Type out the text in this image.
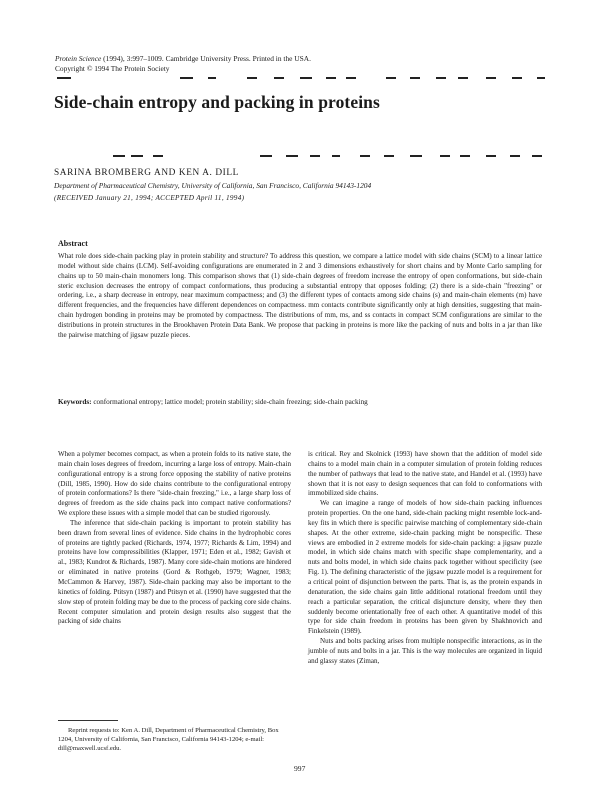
Protein Science (1994), 3:997–1009. Cambridge University Press. Printed in the USA.
Copyright © 1994 The Protein Society
Side-chain entropy and packing in proteins
SARINA BROMBERG AND KEN A. DILL
Department of Pharmaceutical Chemistry, University of California, San Francisco, California 94143-1204
(RECEIVED January 21, 1994; ACCEPTED April 11, 1994)
Abstract
What role does side-chain packing play in protein stability and structure? To address this question, we compare a lattice model with side chains (SCM) to a linear lattice model without side chains (LCM). Self-avoiding configurations are enumerated in 2 and 3 dimensions exhaustively for short chains and by Monte Carlo sampling for chains up to 50 main-chain monomers long. This comparison shows that (1) side-chain degrees of freedom increase the entropy of open conformations, but side-chain steric exclusion decreases the entropy of compact conformations, thus producing a substantial entropy that opposes folding; (2) there is a side-chain "freezing" or ordering, i.e., a sharp decrease in entropy, near maximum compactness; and (3) the different types of contacts among side chains (s) and main-chain elements (m) have different frequencies, and the frequencies have different dependences on compactness. mm contacts contribute significantly only at high densities, suggesting that main-chain hydrogen bonding in proteins may be promoted by compactness. The distributions of mm, ms, and ss contacts in compact SCM configurations are similar to the distributions in protein structures in the Brookhaven Protein Data Bank. We propose that packing in proteins is more like the packing of nuts and bolts in a jar than like the pairwise matching of jigsaw puzzle pieces.
Keywords: conformational entropy; lattice model; protein stability; side-chain freezing; side-chain packing

When a polymer becomes compact, as when a protein folds to its native state, the main chain loses degrees of freedom, incurring a large loss of entropy. Main-chain configurational entropy is a strong force opposing the stability of native proteins (Dill, 1985, 1990). How do side chains contribute to the configurational entropy of protein conformations? Is there "side-chain freezing," i.e., a large sharp loss of degrees of freedom as the side chains pack into compact native conformations? We explore these issues with a simple model that can be studied rigorously.

The inference that side-chain packing is important to protein stability has been drawn from several lines of evidence. Side chains in the hydrophobic cores of proteins are tightly packed (Richards, 1974, 1977; Richards & Lim, 1994) and proteins have low compressibilities (Klapper, 1971; Eden et al., 1982; Gavish et al., 1983; Kundrot & Richards, 1987). Many core side-chain motions are hindered or eliminated in native proteins (Gord & Rothgeb, 1979; Wagner, 1983; McCammon & Harvey, 1987). Side-chain packing may also be important to the kinetics of folding. Ptitsyn (1987) and Ptitsyn et al. (1990) have suggested that the slow step of protein folding may be due to the process of packing core side chains. Recent computer simulation and protein design results also suggest that the packing of side chains

is critical. Rey and Skolnick (1993) have shown that the addition of model side chains to a model main chain in a computer simulation of protein folding reduces the number of pathways that lead to the native state, and Handel et al. (1993) have shown that it is not easy to design sequences that can fold to conformations with immobilized side chains.

We can imagine a range of models of how side-chain packing influences protein properties. On the one hand, side-chain packing might resemble lock-and-key fits in which there is specific pairwise matching of complementary side-chain shapes. At the other extreme, side-chain packing might be nonspecific. These views are embodied in 2 extreme models for side-chain packing: a jigsaw puzzle model, in which side chains match with specific shape complementarity, and a nuts and bolts model, in which side chains pack together without specificity (see Fig. 1). The defining characteristic of the jigsaw puzzle model is a requirement for a critical point of disjunction between the parts. That is, as the protein expands in denaturation, the side chains gain little additional rotational freedom until they reach a particular separation, the critical disjuncture density, where they then suddenly become orientationally free of each other. A quantitative model of this type for side chain freedom in proteins has been given by Shakhnovich and Finkelstein (1989).

Nuts and bolts packing arises from multiple nonspecific interactions, as in the jumble of nuts and bolts in a jar. This is the way molecules are organized in liquid and glassy states (Ziman,

Reprint requests to: Ken A. Dill, Department of Pharmaceutical Chemistry, Box 1204, University of California, San Francisco, California 94143-1204; e-mail: dill@maxwell.ucsf.edu.

997
